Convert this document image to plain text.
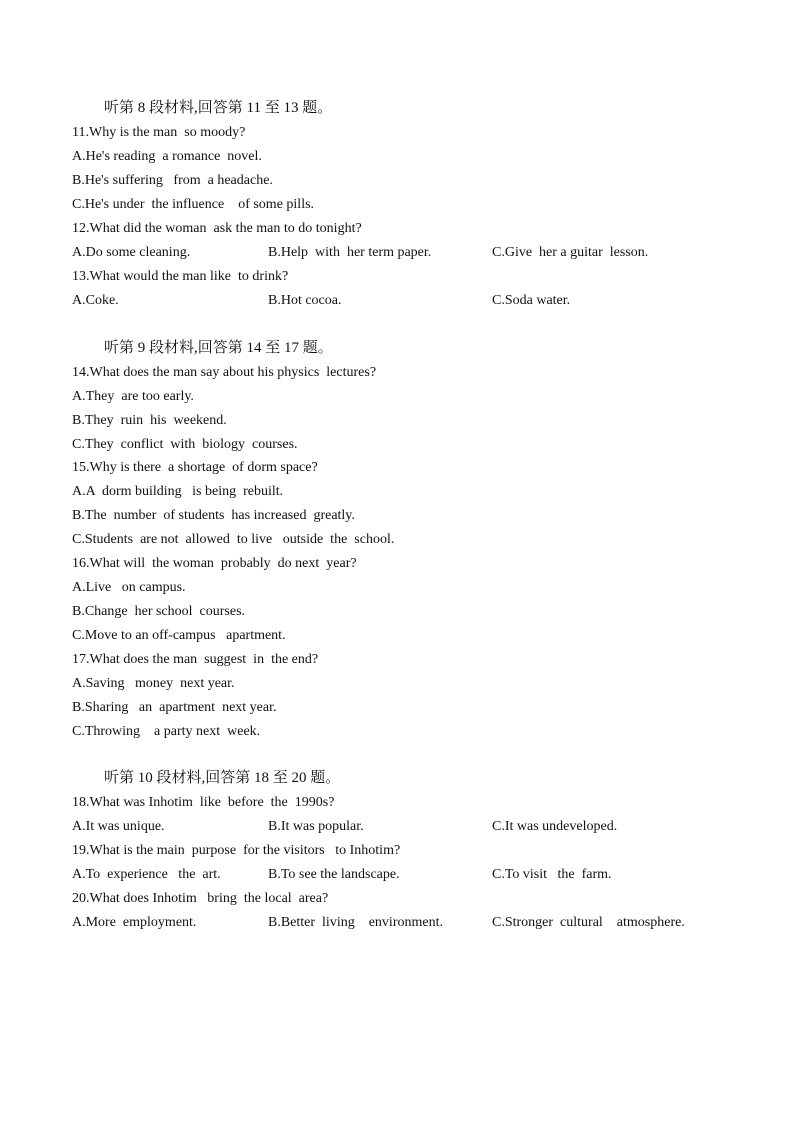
听第 8 段材料,回答第 11 至 13 题。
11.Why is the man  so moody?
A.He's reading  a romance  novel.
B.He's suffering   from  a headache.
C.He's under  the influence    of some pills.
12.What did the woman  ask the man to do tonight?
A.Do some cleaning.	B.Help  with  her term paper.	C.Give  her a guitar  lesson.
13.What would the man like  to drink?
A.Coke.	B.Hot cocoa.	C.Soda water.
听第 9 段材料,回答第 14 至 17 题。
14.What does the man say about his physics  lectures?
A.They  are too early.
B.They  ruin  his  weekend.
C.They  conflict  with  biology  courses.
15.Why is there  a shortage  of dorm space?
A.A  dorm building   is being  rebuilt.
B.The  number  of students  has increased  greatly.
C.Students  are not  allowed  to live   outside  the  school.
16.What will  the woman  probably  do next  year?
A.Live   on campus.
B.Change  her school  courses.
C.Move to an off-campus   apartment.
17.What does the man  suggest  in  the end?
A.Saving   money  next year.
B.Sharing   an  apartment  next year.
C.Throwing    a party next  week.
听第 10 段材料,回答第 18 至 20 题。
18.What was Inhotim  like  before  the  1990s?
A.It was unique.	B.It was popular.	C.It was undeveloped.
19.What is the main  purpose  for the visitors   to Inhotim?
A.To  experience   the  art.	B.To see the landscape.	C.To visit   the  farm.
20.What does Inhotim   bring  the local  area?
A.More  employment.	B.Better  living    environment.	C.Stronger  cultural    atmosphere.
